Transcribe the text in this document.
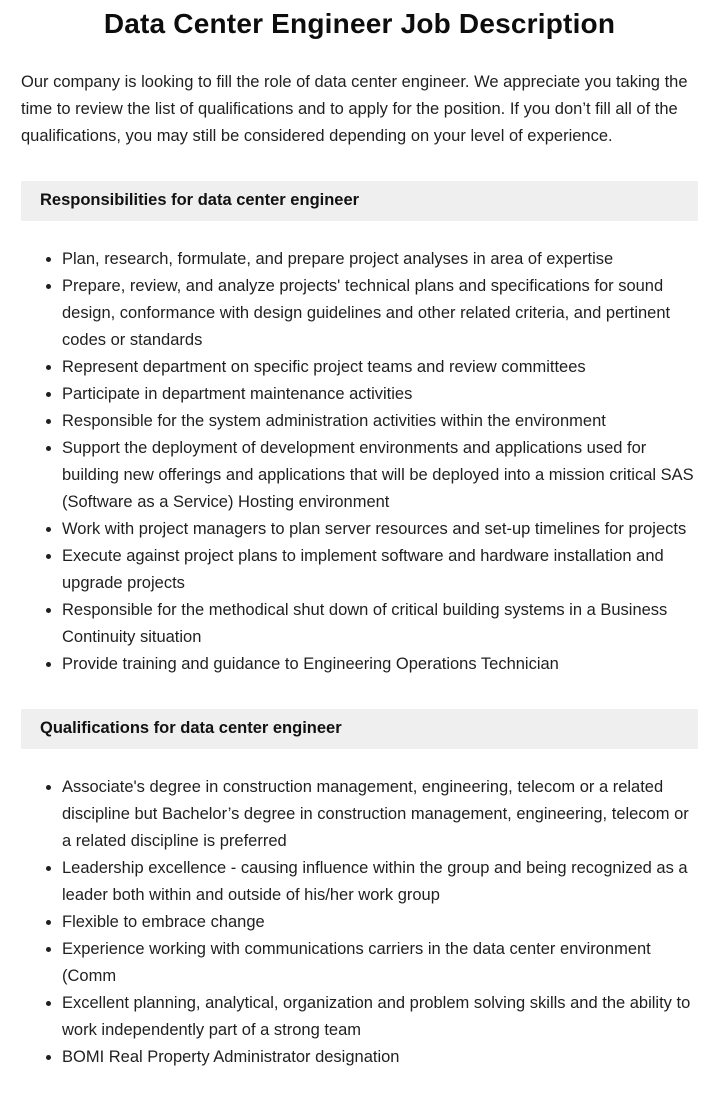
Data Center Engineer Job Description

Our company is looking to fill the role of data center engineer. We appreciate you taking the time to review the list of qualifications and to apply for the position. If you don’t fill all of the qualifications, you may still be considered depending on your level of experience.

Responsibilities for data center engineer
Plan, research, formulate, and prepare project analyses in area of expertise
Prepare, review, and analyze projects' technical plans and specifications for sound design, conformance with design guidelines and other related criteria, and pertinent codes or standards
Represent department on specific project teams and review committees
Participate in department maintenance activities
Responsible for the system administration activities within the environment
Support the deployment of development environments and applications used for building new offerings and applications that will be deployed into a mission critical SAS (Software as a Service) Hosting environment
Work with project managers to plan server resources and set-up timelines for projects
Execute against project plans to implement software and hardware installation and upgrade projects
Responsible for the methodical shut down of critical building systems in a Business Continuity situation
Provide training and guidance to Engineering Operations Technician
Qualifications for data center engineer
Associate's degree in construction management, engineering, telecom or a related discipline but Bachelor’s degree in construction management, engineering, telecom or a related discipline is preferred
Leadership excellence - causing influence within the group and being recognized as a leader both within and outside of his/her work group
Flexible to embrace change
Experience working with communications carriers in the data center environment (Comm
Excellent planning, analytical, organization and problem solving skills and the ability to work independently part of a strong team
BOMI Real Property Administrator designation
